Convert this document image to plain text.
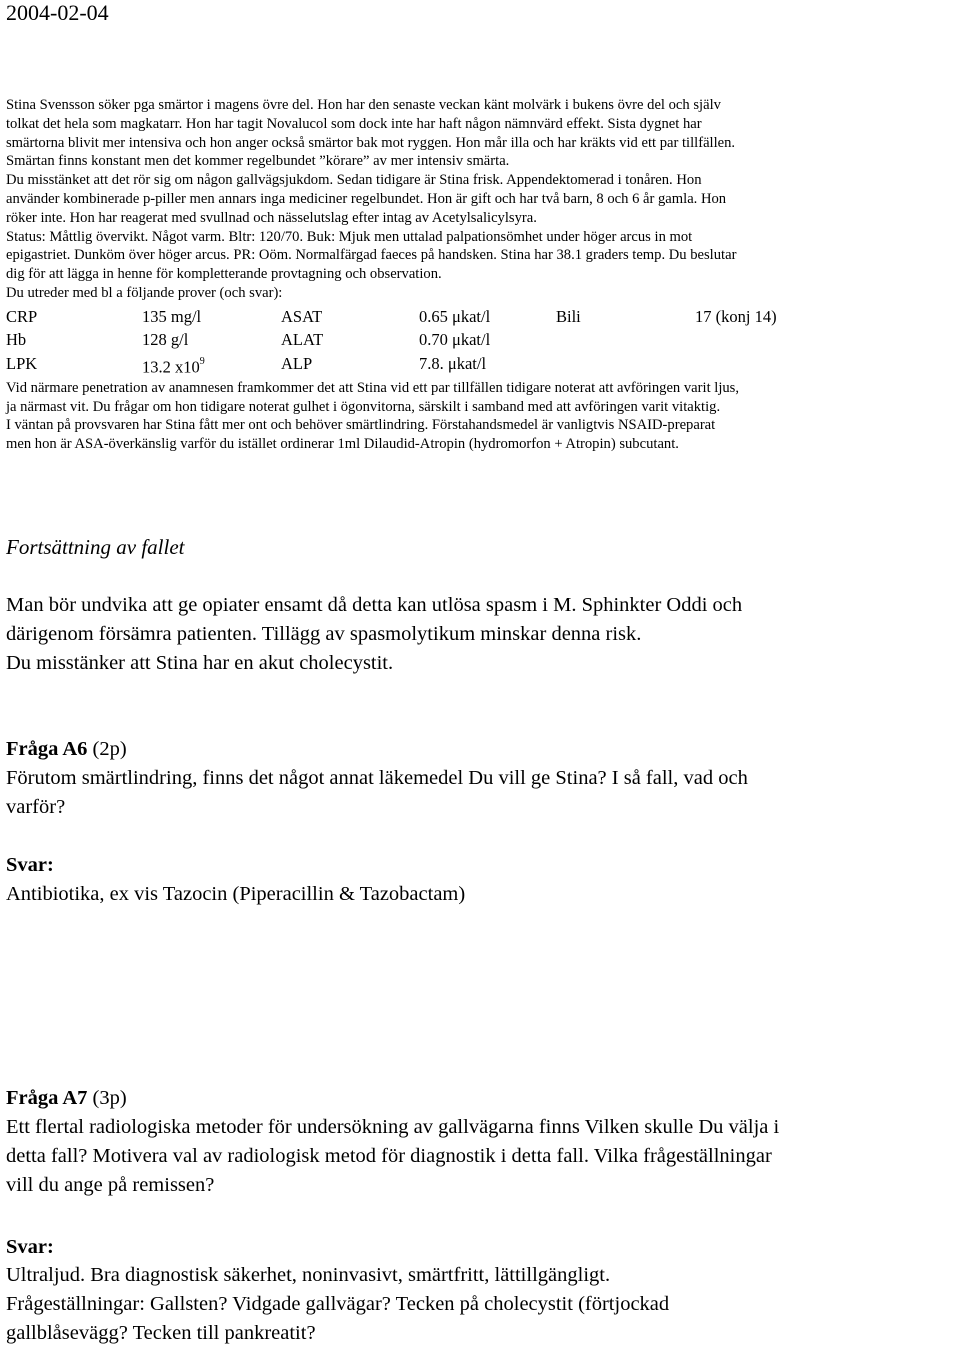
2004-02-04

Stina Svensson söker pga smärtor i magens övre del. Hon har den senaste veckan känt molvärk i bukens övre del och själv

tolkat det hela som magkatarr. Hon har tagit Novalucol som dock inte har haft någon nämnvärd effekt. Sista dygnet har

smärtorna blivit mer intensiva och hon anger också smärtor bak mot ryggen. Hon mår illa och har kräkts vid ett par tillfällen.

Smärtan finns konstant men det kommer regelbundet ”körare” av mer intensiv smärta.

Du misstänket att det rör sig om någon gallvägsjukdom. Sedan tidigare är Stina frisk. Appendektomerad i tonåren. Hon

använder kombinerade p-piller men annars inga mediciner regelbundet. Hon är gift och har två barn, 8 och 6 år gamla. Hon

röker inte. Hon har reagerat med svullnad och nässelutslag efter intag av Acetylsalicylsyra.

Status: Måttlig övervikt. Något varm. Bltr: 120/70. Buk: Mjuk men uttalad palpationsömhet under höger arcus in mot

epigastriet. Dunköm över höger arcus. PR: Oöm. Normalfärgad faeces på handsken. Stina har 38.1 graders temp. Du beslutar

dig för att lägga in henne för kompletterande provtagning och observation.

Du utreder med bl a följande prover (och svar):

CRP	135 mg/l	ASAT	0.65 μkat/l	Bili	17 (konj 14)
Hb	128 g/l	ALAT	0.70 μkat/l
LPK	13.2 $x10^9$	ALP	7.8. μkat/l

Vid närmare penetration av anamnesen framkommer det att Stina vid ett par tillfällen tidigare noterat att avföringen varit ljus,

ja närmast vit. Du frågar om hon tidigare noterat gulhet i ögonvitorna, särskilt i samband med att avföringen varit vitaktig.

I väntan på provsvaren har Stina fått mer ont och behöver smärtlindring. Förstahandsmedel är vanligtvis NSAID-preparat

men hon är ASA-överkänslig varför du istället ordinerar 1ml Dilaudid-Atropin (hydromorfon + Atropin) subcutant.

Fortsättning av fallet

Man bör undvika att ge opiater ensamt då detta kan utlösa spasm i M. Sphinkter Oddi och

därigenom försämra patienten. Tillägg av spasmolytikum minskar denna risk.

Du misstänker att Stina har en akut cholecystit.

Fråga A6 (2p)

Förutom smärtlindring, finns det något annat läkemedel Du vill ge Stina? I så fall, vad och

varför?

Svar:

Antibiotika, ex vis Tazocin (Piperacillin & Tazobactam)

Fråga A7 (3p)

Ett flertal radiologiska metoder för undersökning av gallvägarna finns Vilken skulle Du välja i

detta fall? Motivera val av radiologisk metod för diagnostik i detta fall. Vilka frågeställningar

vill du ange på remissen?

Svar:

Ultraljud. Bra diagnostisk säkerhet, noninvasivt, smärtfritt, lättillgängligt.

Frågeställningar: Gallsten? Vidgade gallvägar? Tecken på cholecystit (förtjockad

gallblåsevägg? Tecken till pankreatit?
